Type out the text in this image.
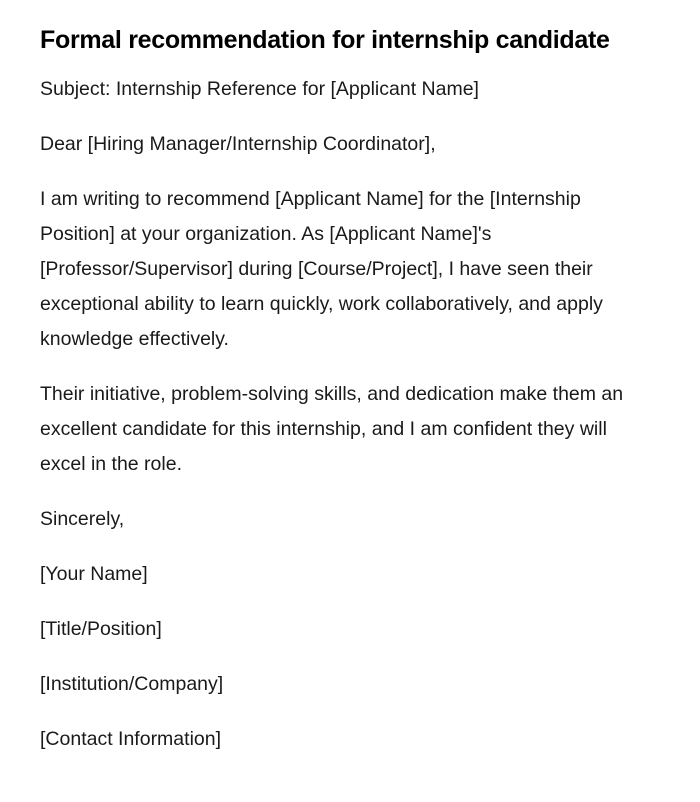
Formal recommendation for internship candidate

Subject: Internship Reference for [Applicant Name]

Dear [Hiring Manager/Internship Coordinator],

I am writing to recommend [Applicant Name] for the [Internship Position] at your organization. As [Applicant Name]'s [Professor/Supervisor] during [Course/Project], I have seen their exceptional ability to learn quickly, work collaboratively, and apply knowledge effectively.

Their initiative, problem-solving skills, and dedication make them an excellent candidate for this internship, and I am confident they will excel in the role.

Sincerely,

[Your Name]

[Title/Position]

[Institution/Company]

[Contact Information]
